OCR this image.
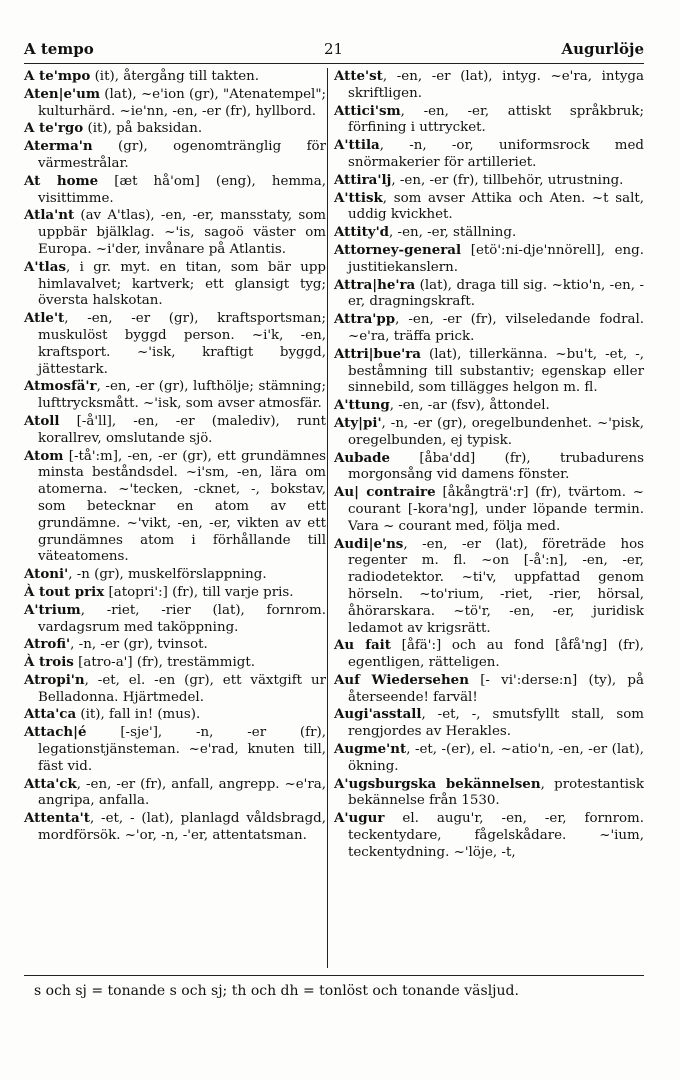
A tempo	21	Augurlöje

A te'mpo (it), återgång till takten.

Aten|e'um (lat), ~e'ion (gr), "Atenatempel"; kulturhärd. ~ie'nn, -en, -er (fr), hyllbord.

A te'rgo (it), på baksidan.

Aterma'n (gr), ogenomtränglig för värmestrålar.

At home [æt hå'om] (eng), hemma, visittimme.

Atla'nt (av A'tlas), -en, -er, mansstaty, som uppbär bjälklag. ~'is, sagoö väster om Europa. ~i'der, invånare på Atlantis.

A'tlas, i gr. myt. en titan, som bär upp himlavalvet; kartverk; ett glansigt tyg; översta halskotan.

Atle't, -en, -er (gr), kraftsportsman; muskulöst byggd person. ~i'k, -en, kraftsport. ~'isk, kraftigt byggd, jättestark.

Atmosfä'r, -en, -er (gr), lufthölje; stämning; lufttrycksmått. ~'isk, som avser atmosfär.

Atoll [-å'll], -en, -er (malediv), runt korallrev, omslutande sjö.

Atom [-tå':m], -en, -er (gr), ett grundämnes minsta beståndsdel. ~i'sm, -en, lära om atomerna. ~'tecken, -cknet, -, bokstav, som betecknar en atom av ett grundämne. ~'vikt, -en, -er, vikten av ett grundämnes atom i förhållande till väteatomens.

Atoni', -n (gr), muskelförslappning.

À tout prix [atopri':] (fr), till varje pris.

A'trium, -riet, -rier (lat), fornrom. vardagsrum med taköppning.

Atrofi', -n, -er (gr), tvinsot.

À trois [atro-a'] (fr), trestämmigt.

Atropi'n, -et, el. -en (gr), ett växtgift ur Belladonna. Hjärtmedel.

Atta'ca (it), fall in! (mus).

Attach|é [-sje'], -n, -er (fr), legationstjänsteman. ~e'rad, knuten till, fäst vid.

Atta'ck, -en, -er (fr), anfall, angrepp. ~e'ra, angripa, anfalla.

Attenta't, -et, - (lat), planlagd våldsbragd, mordförsök. ~'or, -n, -'er, attentatsman.

Atte'st, -en, -er (lat), intyg. ~e'ra, intyga skriftligen.

Attici'sm, -en, -er, attiskt språkbruk; förfining i uttrycket.

A'ttila, -n, -or, uniformsrock med snörmakerier för artilleriet.

Attira'lj, -en, -er (fr), tillbehör, utrustning.

A'ttisk, som avser Attika och Aten. ~t salt, uddig kvickhet.

Attity'd, -en, -er, ställning.

Attorney-general [etö':ni-dje'nnörell], eng. justitiekanslern.

Attra|he'ra (lat), draga till sig. ~ktio'n, -en, -er, dragningskraft.

Attra'pp, -en, -er (fr), vilseledande fodral. ~e'ra, träffa prick.

Attri|bue'ra (lat), tillerkänna. ~bu't, -et, -, beståmning till substantiv; egenskap eller sinnebild, som tillägges helgon m. fl.

A'ttung, -en, -ar (fsv), åttondel.

Aty|pi', -n, -er (gr), oregelbundenhet. ~'pisk, oregelbunden, ej typisk.

Aubade [åba'dd] (fr), trubadurens morgonsång vid damens fönster.

Au| contraire [åkångträ':r] (fr), tvärtom. ~ courant [-kora'ng], under löpande termin. Vara ~ courant med, följa med.

Audi|e'ns, -en, -er (lat), företräde hos regenter m. fl. ~on [-å':n], -en, -er, radiodetektor. ~ti'v, uppfattad genom hörseln. ~to'rium, -riet, -rier, hörsal, åhörarskara. ~tö'r, -en, -er, juridisk ledamot av krigsrätt.

Au fait [åfä':] och au fond [åfå'ng] (fr), egentligen, rätteligen.

Auf Wiedersehen [- vi':derse:n] (ty), på återseende! farväl!

Augi'asstall, -et, -, smutsfyllt stall, som rengjordes av Herakles.

Augme'nt, -et, -(er), el. ~atio'n, -en, -er (lat), ökning.

A'ugsburgska bekännelsen, protestantisk bekännelse från 1530.

A'ugur el. augu'r, -en, -er, fornrom. teckentydare, fågelskådare. ~'ium, teckentydning. ~'löje, -t,

s och sj = tonande s och sj; th och dh = tonlöst och tonande väsljud.
